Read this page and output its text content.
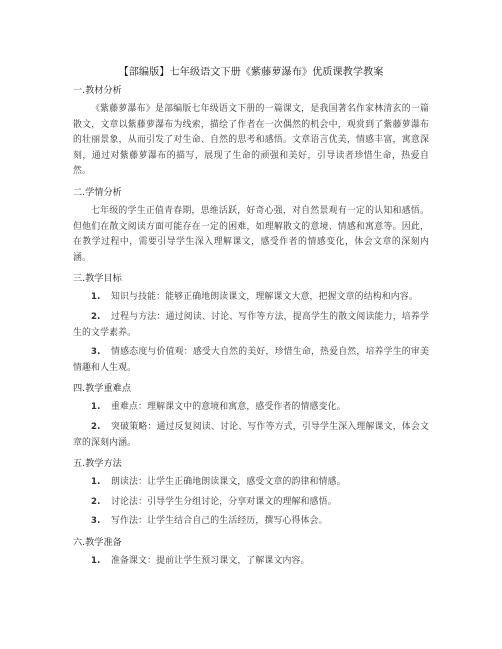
【部编版】七年级语文下册《紫藤萝瀑布》优质课教学教案
一.教材分析
《紫藤萝瀑布》是部编版七年级语文下册的一篇课文，是我国著名作家林清玄的一篇散文，文章以紫藤萝瀑布为线索，描绘了作者在一次偶然的机会中，观赏到了紫藤萝瀑布的壮丽景象，从而引发了对生命、自然的思考和感悟。文章语言优美，情感丰富，寓意深刻，通过对紫藤萝瀑布的描写，展现了生命的顽强和美好，引导读者珍惜生命，热爱自然。
二.学情分析
七年级的学生正值青春期，思维活跃，好奇心强，对自然景观有一定的认知和感悟。但他们在散文阅读方面可能存在一定的困难，如理解散文的意境、情感和寓意等。因此，在教学过程中，需要引导学生深入理解课文，感受作者的情感变化，体会文章的深刻内涵。
三.教学目标
1. 知识与技能：能够正确地朗读课文，理解课文大意，把握文章的结构和内容。
2. 过程与方法：通过阅读、讨论、写作等方法，提高学生的散文阅读能力，培养学生的文学素养。
3. 情感态度与价值观：感受大自然的美好，珍惜生命，热爱自然，培养学生的审美情趣和人生观。
四.教学重难点
1. 重难点：理解课文中的意境和寓意，感受作者的情感变化。
2. 突破策略：通过反复阅读、讨论、写作等方式，引导学生深入理解课文，体会文章的深刻内涵。
五.教学方法
1. 朗读法：让学生正确地朗读课文，感受文章的韵律和情感。
2. 讨论法：引导学生分组讨论，分享对课文的理解和感悟。
3. 写作法：让学生结合自己的生活经历，撰写心得体会。
六.教学准备
1. 准备课文：提前让学生预习课文，了解课文内容。
